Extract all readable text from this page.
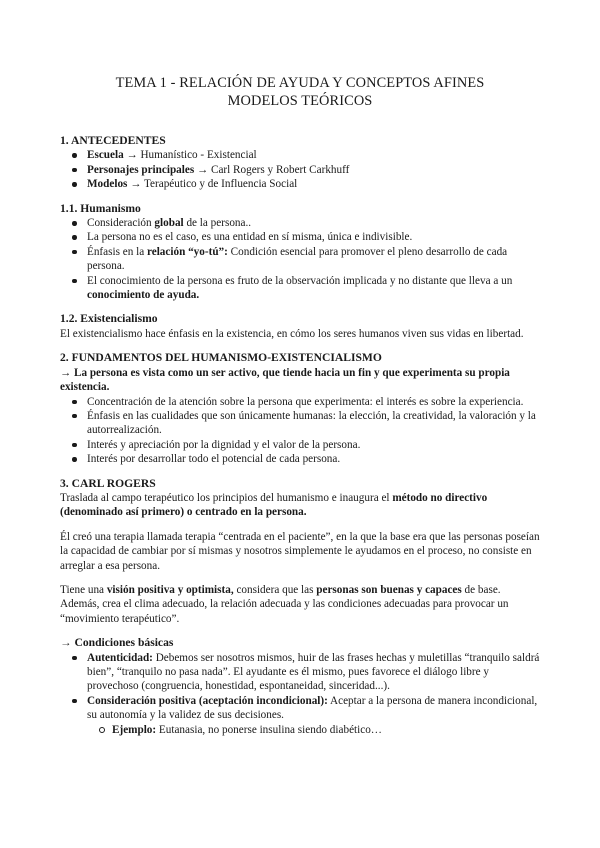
TEMA 1 - RELACIÓN DE AYUDA Y CONCEPTOS AFINES
MODELOS TEÓRICOS
1. ANTECEDENTES
Escuela → Humanístico - Existencial
Personajes principales → Carl Rogers y Robert Carkhuff
Modelos → Terapéutico y de Influencia Social
1.1. Humanismo
Consideración global de la persona..
La persona no es el caso, es una entidad en sí misma, única e indivisible.
Énfasis en la relación “yo-tú”: Condición esencial para promover el pleno desarrollo de cada persona.
El conocimiento de la persona es fruto de la observación implicada y no distante que lleva a un conocimiento de ayuda.
1.2. Existencialismo

El existencialismo hace énfasis en la existencia, en cómo los seres humanos viven sus vidas en libertad.

2. FUNDAMENTOS DEL HUMANISMO-EXISTENCIALISMO

→ La persona es vista como un ser activo, que tiende hacia un fin y que experimenta su propia existencia.

Concentración de la atención sobre la persona que experimenta: el interés es sobre la experiencia.
Énfasis en las cualidades que son únicamente humanas: la elección, la creatividad, la valoración y la autorrealización.
Interés y apreciación por la dignidad y el valor de la persona.
Interés por desarrollar todo el potencial de cada persona.
3. CARL ROGERS

Traslada al campo terapéutico los principios del humanismo e inaugura el método no directivo (denominado así primero) o centrado en la persona.

Él creó una terapia llamada terapia “centrada en el paciente”, en la que la base era que las personas poseían la capacidad de cambiar por sí mismas y nosotros simplemente le ayudamos en el proceso, no consiste en arreglar a esa persona.

Tiene una visión positiva y optimista, considera que las personas son buenas y capaces de base. Además, crea el clima adecuado, la relación adecuada y las condiciones adecuadas para provocar un “movimiento terapéutico”.

→ Condiciones básicas
Autenticidad: Debemos ser nosotros mismos, huir de las frases hechas y muletillas “tranquilo saldrá bien”, “tranquilo no pasa nada”. El ayudante es él mismo, pues favorece el diálogo libre y provechoso (congruencia, honestidad, espontaneidad, sinceridad...).
Consideración positiva (aceptación incondicional): Aceptar a la persona de manera incondicional, su autonomía y la validez de sus decisiones.
Ejemplo: Eutanasia, no ponerse insulina siendo diabético…
